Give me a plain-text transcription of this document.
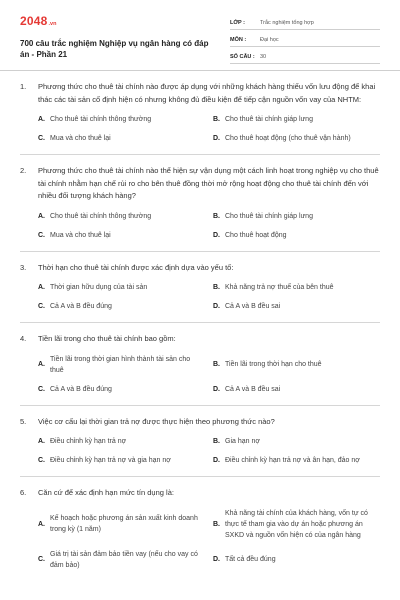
2048 .vn
700 câu trắc nghiệm Nghiệp vụ ngân hàng có đáp án - Phần 21
LỚP :	Trắc nghiệm tổng hợp
MÔN :	Đại học
SỐ CÂU : 30
1.	Phương thức cho thuê tài chính nào được áp dụng với những khách hàng thiếu vốn lưu động để khai thác các tài sản cố định hiện có nhưng không đủ điều kiện để tiếp cận nguồn vốn vay của NHTM:
A. Cho thuê tài chính thông thường	B. Cho thuê tài chính giáp lưng
C. Mua và cho thuê lại	D. Cho thuê hoạt động (cho thuê vận hành)
2.	Phương thức cho thuê tài chính nào thể hiện sự vận dụng một cách linh hoạt trong nghiệp vụ cho thuê tài chính nhằm hạn chế rủi ro cho bên thuê đồng thời mở rộng hoạt động cho thuê tài chính đến với nhiều đối tượng khách hàng?
A. Cho thuê tài chính thông thường	B. Cho thuê tài chính giáp lưng
C. Mua và cho thuê lại	D. Cho thuê hoạt động
3.	Thời hạn cho thuê tài chính được xác định dựa vào yếu tố:
A. Thời gian hữu dụng của tài sản	B. Khả năng trả nợ thuế của bên thuê
C. Cả A và B đều đúng	D. Cả A và B đều sai
4.	Tiền lãi trong cho thuê tài chính bao gồm:
A.
Tiền lãi trong thời gian hình thành tài sản cho thuê
B. Tiền lãi trong thời hạn cho thuê
C. Cả A và B đều đúng	D. Cả A và B đều sai
5.	Việc cơ cấu lại thời gian trả nợ được thực hiện theo phương thức nào?
A. Điều chỉnh kỳ hạn trả nợ	B. Gia hạn nợ
C. Điều chỉnh kỳ hạn trả nợ và gia hạn nợ	D. Điều chỉnh kỳ hạn trả nợ và ân hạn, đảo nợ
6.	Căn cứ để xác định hạn mức tín dụng là:
A.
Kế hoạch hoặc phương án sản xuất kinh doanh trong kỳ (1 năm)
B.
Khả năng tài chính của khách hàng, vốn tự có thực tế tham gia vào dự án hoặc phương án SXKD và nguồn vốn hiện có của ngân hàng
C.
Giá trị tài sản đảm bảo tiền vay (nếu cho vay có đảm bảo)
D. Tất cả đều đúng
